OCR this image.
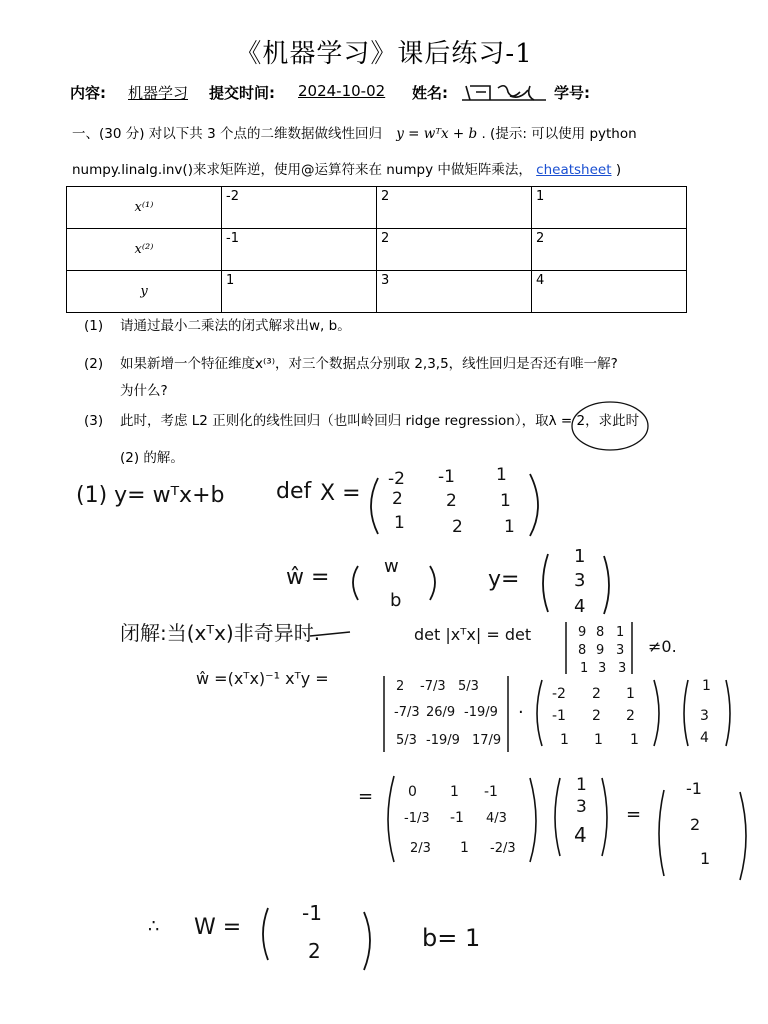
《机器学习》课后练习-1
内容: 机器学习 提交时间: 2024-10-02 姓名:	学号:
一、(30 分) 对以下共 3 个点的二维数据做线性回归 y = wᵀx + b . (提示: 可以使用 python
numpy.linalg.inv()来求矩阵逆，使用@运算符来在 numpy 中做矩阵乘法， cheatsheet )
x⁽¹⁾	-2	2	1
x⁽²⁾	-1	2	2
y	1	3	4
(1) 请通过最小二乘法的闭式解求出w, b。
(2) 如果新增一个特征维度x⁽³⁾，对三个数据点分别取 2,3,5，线性回归是否还有唯一解?
为什么?
(3) 此时，考虑 L2 正则化的线性回归（也叫岭回归 ridge regression），取λ = 2，求此时
(2) 的解。
(1) y= wᵀx+b def X =
-2 -1 1
2	2	1
1	2 1
ŵ =	w
b
y=
1
3
4
闭解:当(xᵀx)非奇异时.	det |xᵀx| = det	9 8 1
8 9 3
1 3 3
≠0.
ŵ =(xᵀx)⁻¹ xᵀy =	2 -7/3 5/3
-7/3 26/9 -19/9
5/3 -19/9 17/9
·
-2 2 1
-1 2 2
1 1 1
1
3
4
= 0 1 -1
-1/3 -1 4/3
2/3 1 -2/3
1
3
4
=
-1
2
1
∴ W =
-1
2	b= 1
